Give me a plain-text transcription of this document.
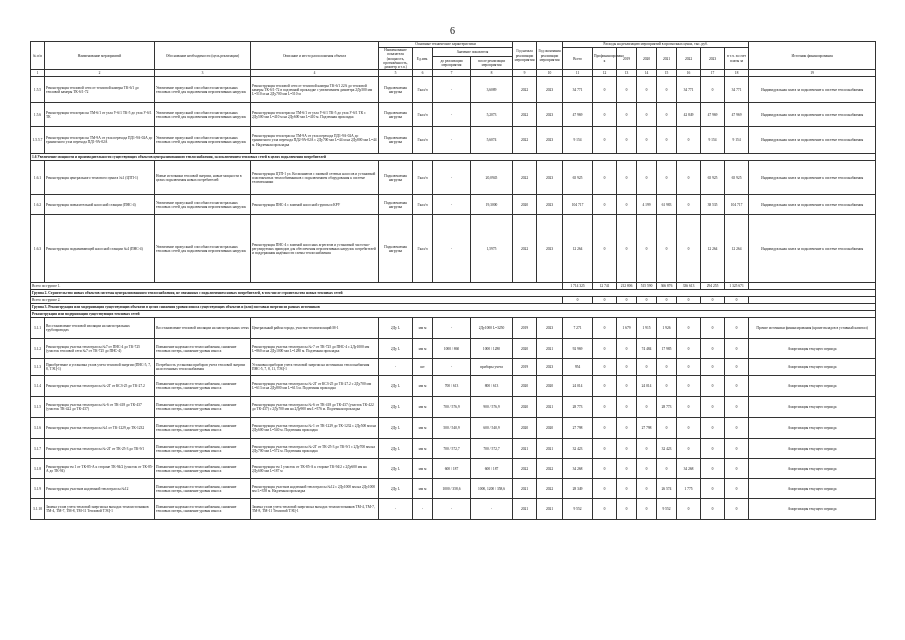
6
№ п/п	Наименование мероприятий	Обоснование необходимости (цель реализации)	Описание и место расположения объекта	Основные технические характеристики				Год начала реализации мероприятия	Год окончания реализации мероприятия	Расходы на реализацию мероприятий в прогнозных ценах, тыс. руб.								Источник финансирования
				Наименование показателя (мощность, протяжённость, диаметр и т.п.)	Ед.изм.	Значение показателя				Всего	Профинансировано к	2019	2020	2021	2022	2023	в т.ч. за счет платы за	
						до реализации мероприятия	после реализации мероприятия											
1	2	3	4	5	6	7	8	9	10	11	12	13	14	15	16	17	18	19
1.5.5	Реконструкция тепловой сети от тепловой камеры ТК-6/1 до тепловой камеры ТК-6/1-72	Увеличение пропускной способности магистральных тепловых сетей для подключения перспективных нагрузок	Реконструкция тепловой сети от тепловой камеры ТК-6/1 22А до тепловой камеры ТК-6/1-72 в подземной прокладке с увеличением диаметра 2Ду500 мм L=510 м на 2Ду700 мм L=510 м	Подключаемая нагрузка	Гкал/ч	-	3,6089	2022	2023	34 771	0	0	0	0	34 771	0	34 771	Индивидуальная плата за подключение к системе теплоснабжения
1.5.6	Реконструкция теплотрассы ТМ-6/1 от узла У-6/1 ТК-5 до узла У-6/1 ТК	Увеличение пропускной способности магистральных тепловых сетей для подключения перспективных нагрузок	Реконструкция теплотрассы ТМ-6/1 от узла У-6/1 ТК-5 до узла У-6/1 ТК с 2Ду500 мм L=410 м на 2Ду600 мм L=410 м. Подземная прокладка	Подключаемая нагрузка	Гкал/ч	-	5,2073	2022	2023	47 969	0	0	0	0	42 849	47 969	47 969	Индивидуальная плата за подключение к системе теплоснабжения
1.5.5.7	Реконструкция теплотрассы ТМ-9А от узла перехода ПД1-9А-02А до транзитного узла перехода ПД1-9А-02А	Увеличение пропускной способности магистральных тепловых сетей для подключения перспективных нагрузок	Реконструкция теплотрассы ТМ-9А от узла перехода ПД1-9А-02А до транзитного узла перехода ПД2-9А-02А с 2Ду700 мм L=44 м на 2Ду800 мм L=44 м. Надземная прокладка	Подключаемая нагрузка	Гкал/ч	-	5,6074	2022	2023	9 154	0	0	0	0	0	9 154	9 154	Индивидуальная плата за подключение к системе теплоснабжения
1.6 Увеличение мощности и производительности существующих объектов централизованного теплоснабжения, за исключением тепловых сетей в целях подключения потребителей																		
1.6.1	Реконструкция центрального теплового пункта №1 (ЦТП-1)	Новые источники тепловой энергии, новые мощности в целях подключения новых потребителей	Реконструкция ЦТП-1 ул. Космонавтов с заменой сетевых насосов и установкой пластинчатых теплообменников с подключением оборудования к системе телемеханики	Подключаемая нагрузка	Гкал/ч	-	20,0945	2022	2023	65 925	0	0	0	0	0	65 925	65 925	Индивидуальная плата за подключение к системе теплоснабжения
1.6.2	Реконструкция повысительной насосной станции (ПНС-4)	Увеличение пропускной способности магистральных тепловых сетей для подключения перспективных нагрузок	Реконструкция ПНС-4 с заменой насосной группы и КРУ	Подключаемая нагрузка	Гкал/ч	-	19,3000	2020	2023	104 717	0	0	4 199	61 983	0	38 535	104 717	Индивидуальная плата за подключение к системе теплоснабжения
1.6.3	Реконструкция подкачивающей насосной станции №4 (ПНС-4)	Увеличение пропускной способности магистральных тепловых сетей для подключения перспективных нагрузок	Реконструкция ПНС-4 с заменой насосных агрегатов и установкой частотно-регулируемых приводов для обеспечения перспективных нагрузок потребителей и поддержания надёжности схемы теплоснабжения	Подключаемая нагрузка	Гкал/ч	-	1,5975	2022	2023	12 264	0	0	0	0	0	12 264	12 264	Индивидуальная плата за подключение к системе теплоснабжения
Всего по группе 1.										1 714 325	12 741	212 806	515 590	366 876	336 613	294 255	1 325 671	
Группа 2. Строительство новых объектов системы централизованного теплоснабжения, не связанных с подключением новых потребителей, в том числе строительство новых тепловых сетей																		
Всего по группе 2.										0	0	0	0	0	0	0	0	
Группа 3. Реконструкция или модернизация существующих объектов в целях снижения уровня износа существующих объектов и (или) поставки энергии из разных источников																		
Реконструкция или модернизация существующих тепловых сетей																		
3.1.1	Восстановление тепловой изоляции на магистральных трубопроводах	Восстановление тепловой изоляции на магистральных сетях	Центральный район города, участки теплоизоляций М-1	2Ду L	мм м	-	2Ду1000 L=3250	2019	2023	7 271	0	1 679	1 915	1 926	0	0	0	Прочие источники финансирования (кроме вкладов в уставный капитал)
3.1.2	Реконструкция участка теплотрассы №7 от ПНС-4 до ТК-725 (участок тепловой сети №7 от ТК-725 до ПНС-4)	Повышение надежности теплоснабжения, снижение тепловых потерь, снижение уровня износа	Реконструкция участка теплотрассы №-7 от ТК-725 до ПНС-4 с 2Ду1000 мм L=860 м на 2Ду1000 мм L=1280 м. Подземная прокладка	2Ду L	мм м	1000 / 860	1000 / 1280	2020	2021	92 969	0	0	74 484	17 985	0	0	0	Амортизация текущего периода
3.1.3	Приобретение и установка узлов учета тепловой энергии (ПНС-5, 7, 8, ТЭЦ-1)	Потребность установки приборов учета тепловой энергии на источниках теплоснабжения	Установка приборов учета тепловой энергии на источниках теплоснабжения ПНС-5, 7, 8, 11, ТЭЦ-1	-	шт	-	приборы учета	2019	2023	954	0	0	0	0	0	0	0	Амортизация текущего периода
3.1.4	Реконструкция участка теплотрассы №-2Г от КСЗ-25 до ТК-27.2	Повышение надежности теплоснабжения, снижение тепловых потерь, снижение уровня износа	Реконструкция участка теплотрассы №-2Г от КСЗ-25 до ТК-27.2 с 2Ду700 мм L=613 м на 2Ду800 мм L=613 м. Подземная прокладка	2Ду L	мм м	700 / 613	800 / 613	2020	2020	24 014	0	0	24 014	0	0	0	0	Амортизация текущего периода
3.1.5	Реконструкция участка теплотрассы №-6 от ТК-418 до ТК-437 (участок ТК-422 до ТК-437)	Повышение надежности теплоснабжения, снижение тепловых потерь, снижение уровня износа	Реконструкция участка теплотрассы №-6 от ТК-418 до ТК-437 (участок ТК-422 до ТК-437) с 2Ду700 мм на 2Ду900 мм L=576 м. Подземная прокладка	2Ду L	мм м	700 / 576,9	900 / 576,9	2020	2021	28 773	0	0	0	28 773	0	0	0	Амортизация текущего периода
3.1.6	Реконструкция участка теплотрассы №1 от ТК-1229 до ТК-1232	Повышение надежности теплоснабжения, снижение тепловых потерь, снижение уровня износа	Реконструкция участка теплотрассы №-1 от ТК-1229 до ТК-1232 с 2Ду500 мм на 2Ду600 мм L=540 м. Подземная прокладка	2Ду L	мм м	500 / 540,9	600 / 540,9	2020	2020	27 798	0	0	27 798	0	0	0	0	Амортизация текущего периода
3.1.7	Реконструкция участка теплотрассы №-2Г от ТК-25-3 до ТК-9/1	Повышение надежности теплоснабжения, снижение тепловых потерь, снижение уровня износа	Реконструкция участка теплотрассы №-2Г от ТК-25-3 до ТК-9/1 с 2Ду700 мм на 2Ду700 мм L=572 м. Подземная прокладка	2Ду L	мм м	700 / 572,7	700 / 572,7	2021	2021	32 423	0	0	0	32 423	0	0	0	Амортизация текущего периода
3.1.8	Реконструкция тм 1 от ТК-85-А к стороне ТК-94/2 (участок от ТК-85-А до ТК-94)	Повышение надежности теплоснабжения, снижение тепловых потерь, снижение уровня износа	Реконструкция тм 1 участок от ТК-85-А к стороне ТК-94/2 с 2Ду600 мм на 2Ду600 мм L=187 м	2Ду L	мм м	600 / 187	600 / 187	2022	2022	34 268	0	0	0	0	34 268	0	0	Амортизация текущего периода
3.1.9	Реконструкция участков надземной теплотрассы №12	Повышение надежности теплоснабжения, снижение тепловых потерь, снижение уровня износа	Реконструкция участков надземной теплотрассы №12 с 2Ду1000 мм на 2Ду1000 мм L=358 м. Надземная прокладка	2Ду L	мм м	1000 / 358,6	1000, 1200 / 358,6	2021	2022	28 349	0	0	0	26 574	1 775	0	0	Амортизация текущего периода
3.1.10	Замена узлов учета тепловой энергии на выходах теплоисточников ТМ-4, ТМ-7, ТМ-8, ТМ-11 Тепловой ТЭЦ-1	Повышение надежности теплоснабжения, снижение тепловых потерь, снижение уровня износа	Замена узлов учета тепловой энергии на выходах теплоисточников ТМ-4, ТМ-7, ТМ-8, ТМ-11 Тепловой ТЭЦ-1	-	-	-	-	2021	2021	9 552	0	0	0	9 552	0	0	0	Амортизация текущего периода
